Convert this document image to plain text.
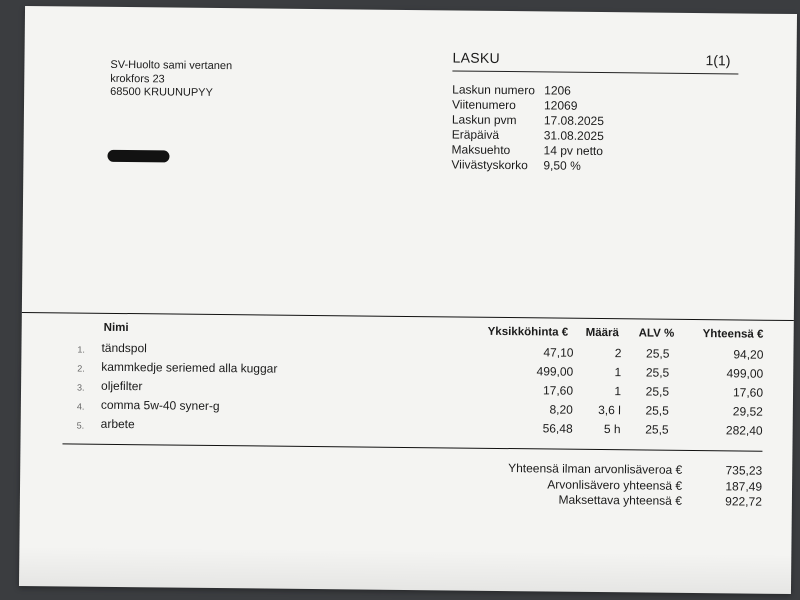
SV-Huolto sami vertanen
krokfors 23
68500 KRUUNUPYY
LASKU	1(1)
Laskun numero 1206
Viitenumero	12069
Laskun pvm	17.08.2025
Eräpäivä	31.08.2025
Maksuehto	14 pv netto
Viivästyskorko	9,50 %
Nimi	Yksikköhinta € Määrä ALV % Yhteensä €
1. tändspol	47,10	2 25,5	94,20
2. kammkedje seriemed alla kuggar	499,00	1 25,5	499,00
3. oljefilter	17,60	1 25,5	17,60
4. comma 5w-40 syner-g	8,20 3,6 l 25,5	29,52
5. arbete	56,48	5 h 25,5	282,40
Yhteensä ilman arvonlisäveroa €	735,23
Arvonlisävero yhteensä €	187,49
Maksettava yhteensä €	922,72
